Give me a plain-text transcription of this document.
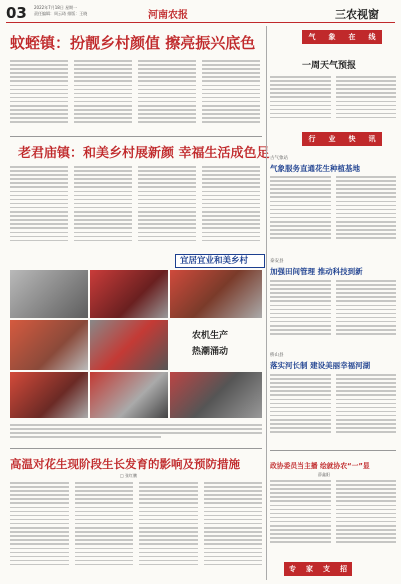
03 2022年7月18日 星期一
责任编辑：周云琦 排版：王晓	河南农报	三农视窗
蚊蛭镇：扮靓乡村颜值 擦亮振兴底色
老君庙镇：和美乡村展新颜 幸福生活成色足
宜居宜业和美乡村
农机生产
热潮涌动
高温对花生现阶段生长发育的影响及预防措施
□ 张红鹏
气 象 在 线
一周天气预报
行 业 快 讯
古气象站
气象服务直通花生种植基地
泰安县
加强田间管理 推动科技到新
桥山县
落实河长制 建设美丽幸福河湖
政协委员当主播 绘就协农“一”显
薛鑫阳
专 家 支 招
